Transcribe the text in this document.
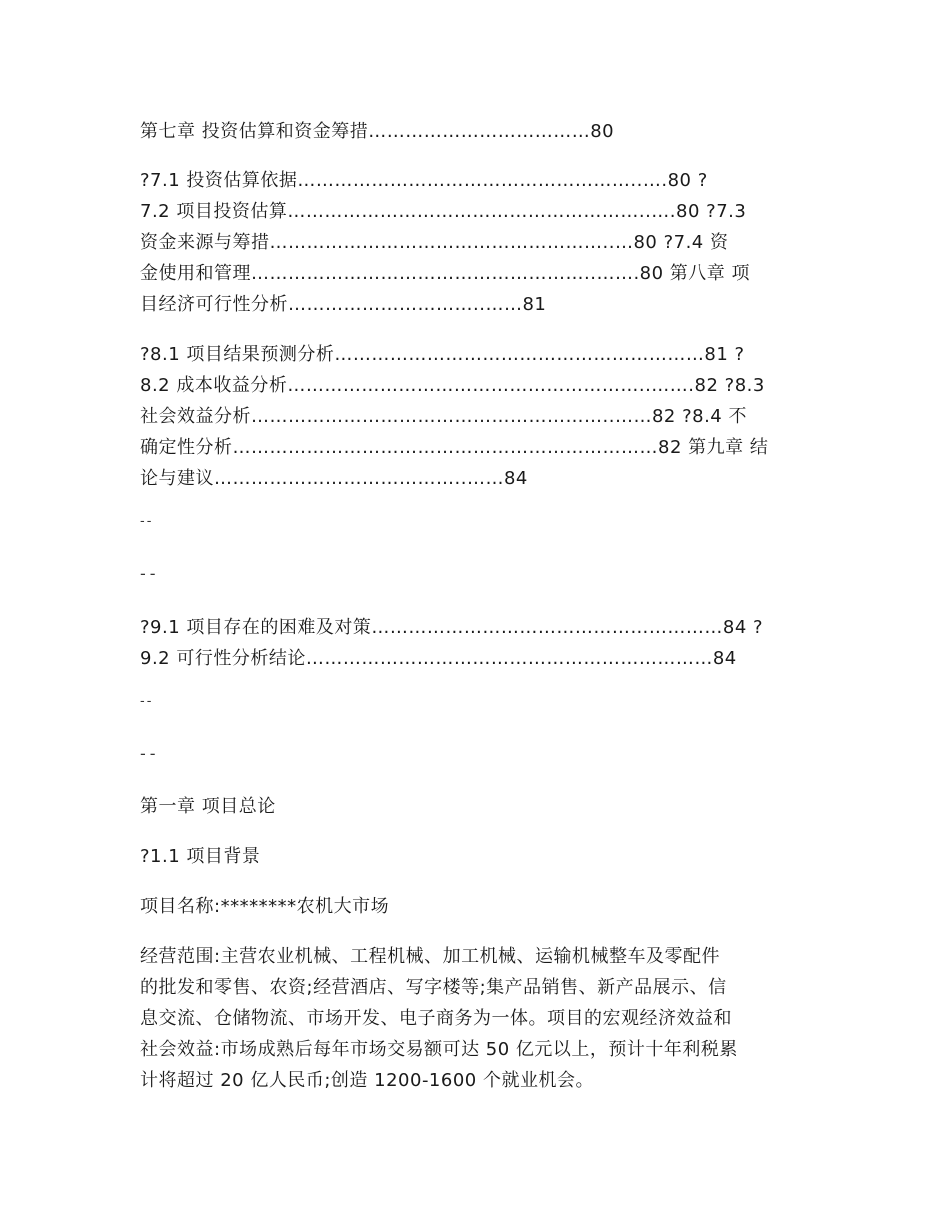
第七章 投资估算和资金筹措………………………………80
?7.1 投资估算依据………………………………………………..….80 ?
7.2 项目投资估算…………………………………………………..….80 ?7.3
资金来源与筹措………………………………………………..…80 ?7.4 资
金使用和管理………………………………………………..…….80 第八章 项
目经济可行性分析…………………………..……81
?8.1 项目结果预测分析……………………………………………………81 ?
8.2 成本收益分析…………………………………………………..…….82 ?8.3
社会效益分析…………………………………………………..……82 ?8.4 不
确定性分析……………………………………………………………82 第九章 结
论与建议…………………………………..……84
--
--
?9.1 项目存在的困难及对策…………………………………………………84 ?
9.2 可行性分析结论…………………………………………………………84
--
--
第一章 项目总论
?1.1 项目背景
项目名称:********农机大市场
经营范围:主营农业机械、工程机械、加工机械、运输机械整车及零配件
的批发和零售、农资;经营酒店、写字楼等;集产品销售、新产品展示、信
息交流、仓储物流、市场开发、电子商务为一体。项目的宏观经济效益和
社会效益:市场成熟后每年市场交易额可达 50 亿元以上，预计十年利税累
计将超过 20 亿人民币;创造 1200-1600 个就业机会。
